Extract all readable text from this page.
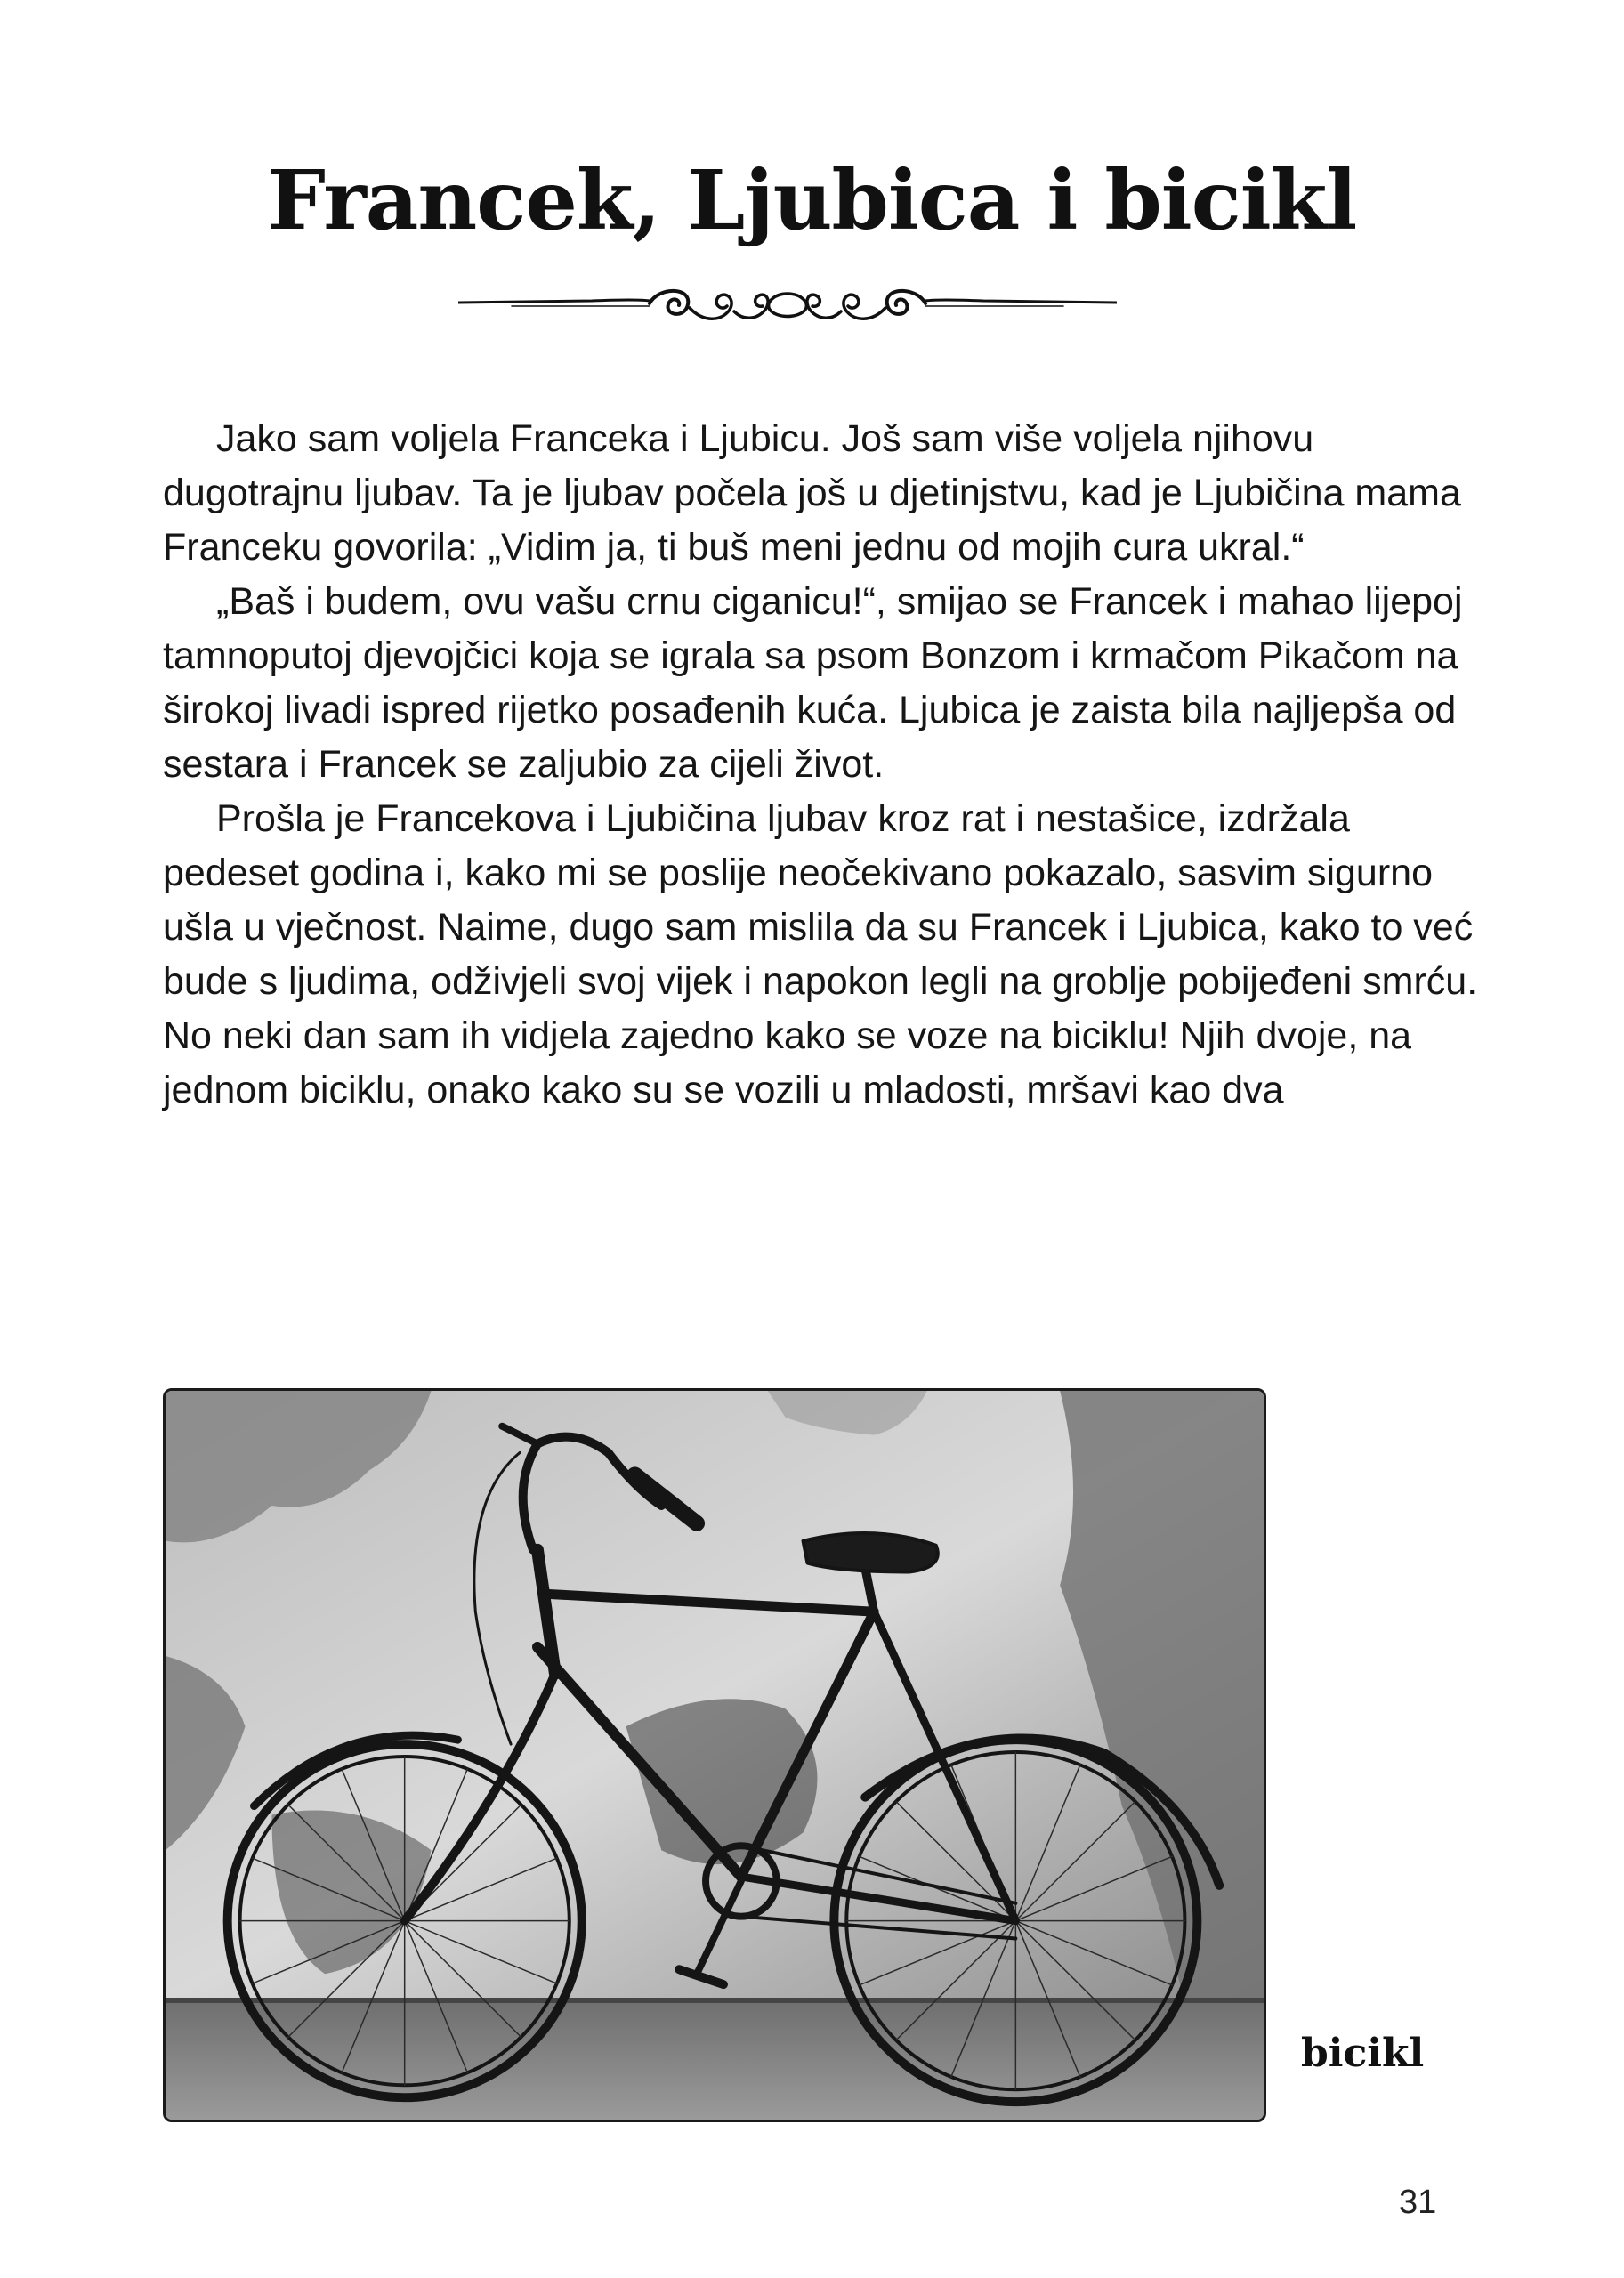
Francek, Ljubica i bicikl

Jako sam voljela Franceka i Ljubicu. Još sam više voljela njihovu dugotrajnu ljubav. Ta je ljubav počela još u djetinjstvu, kad je Ljubičina mama Franceku govorila: „Vidim ja, ti buš meni jednu od mojih cura ukral.“

„Baš i budem, ovu vašu crnu ciganicu!“, smijao se Francek i mahao lijepoj tamnoputoj djevojčici koja se igrala sa psom Bonzom i krmačom Pikačom na širokoj livadi ispred rijetko posađenih kuća. Ljubica je zaista bila najljepša od sestara i Francek se zaljubio za cijeli život.

Prošla je Francekova i Ljubičina ljubav kroz rat i nestašice, izdržala pedeset godina i, kako mi se poslije neočekivano pokazalo, sasvim sigurno ušla u vječnost. Naime, dugo sam mislila da su Francek i Ljubica, kako to već bude s ljudima, odživjeli svoj vijek i napokon legli na groblje pobijeđeni smrću. No neki dan sam ih vidjela zajedno kako se voze na biciklu! Njih dvoje, na jednom biciklu, onako kako su se vozili u mladosti, mršavi kao dva

bicikl
31
